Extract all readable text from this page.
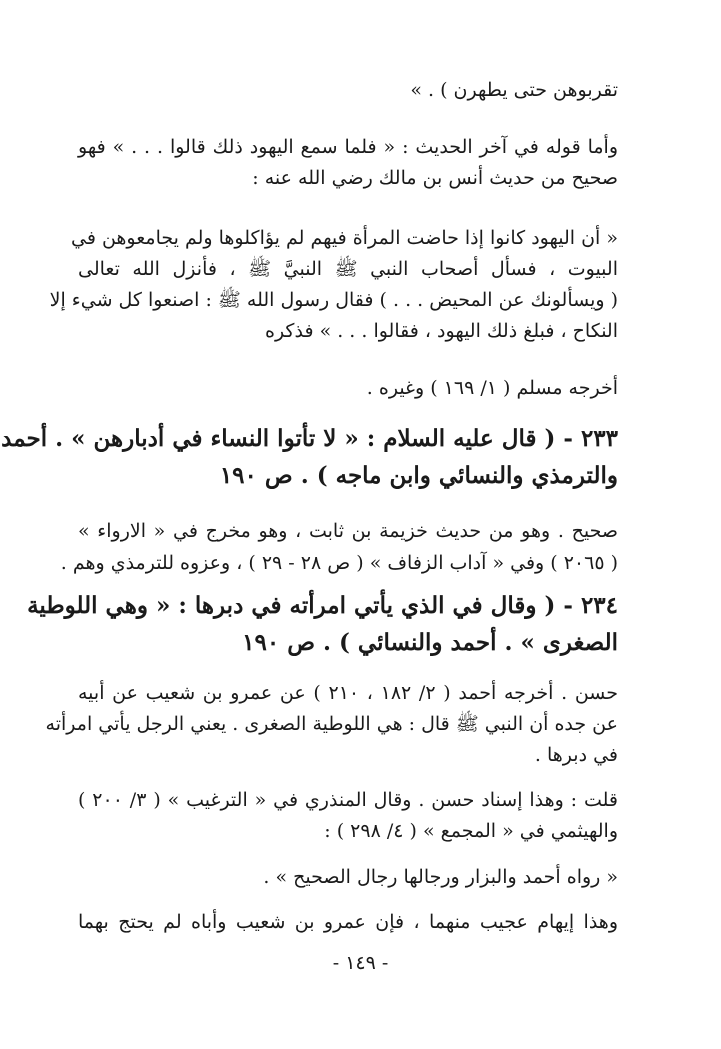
تقربوهن حتى يطهرن ) . »
وأما قوله في آخر الحديث : « فلما سمع اليهود ذلك قالوا . . . » فهو
صحيح من حديث أنس بن مالك رضي الله عنه :
« أن اليهود كانوا إذا حاضت المرأة فيهم لم يؤاكلوها ولم يجامعوهن في
البيوت ، فسأل أصحاب النبي ﷺ النبيَّ ﷺ ، فأنزل الله تعالى
( ويسألونك عن المحيض . . . ) فقال رسول الله ﷺ : اصنعوا كل شيء إلا
النكاح ، فبلغ ذلك اليهود ، فقالوا . . . » فذكره
أخرجه مسلم ( ١/ ١٦٩ ) وغيره .
٢٣٣ - ( قال عليه السلام : « لا تأتوا النساء في أدبارهن » . أحمد
والترمذي والنسائي وابن ماجه ) . ص ١٩٠
صحيح . وهو من حديث خزيمة بن ثابت ، وهو مخرج في « الارواء »
( ٢٠٦٥ ) وفي « آداب الزفاف » ( ص ٢٨ - ٢٩ ) ، وعزوه للترمذي وهم .
٢٣٤ - ( وقال في الذي يأتي امرأته في دبرها : « وهي اللوطية
الصغرى » . أحمد والنسائي ) . ص ١٩٠
حسن . أخرجه أحمد ( ٢/ ١٨٢ ، ٢١٠ ) عن عمرو بن شعيب عن أبيه
عن جده أن النبي ﷺ قال : هي اللوطية الصغرى . يعني الرجل يأتي امرأته
في دبرها .
قلت : وهذا إسناد حسن . وقال المنذري في « الترغيب » ( ٣/ ٢٠٠ )
والهيثمي في « المجمع » ( ٤/ ٢٩٨ ) :
« رواه أحمد والبزار ورجالها رجال الصحيح » .
وهذا إيهام عجيب منهما ، فإن عمرو بن شعيب وأباه لم يحتج بهما
- ١٤٩ -
